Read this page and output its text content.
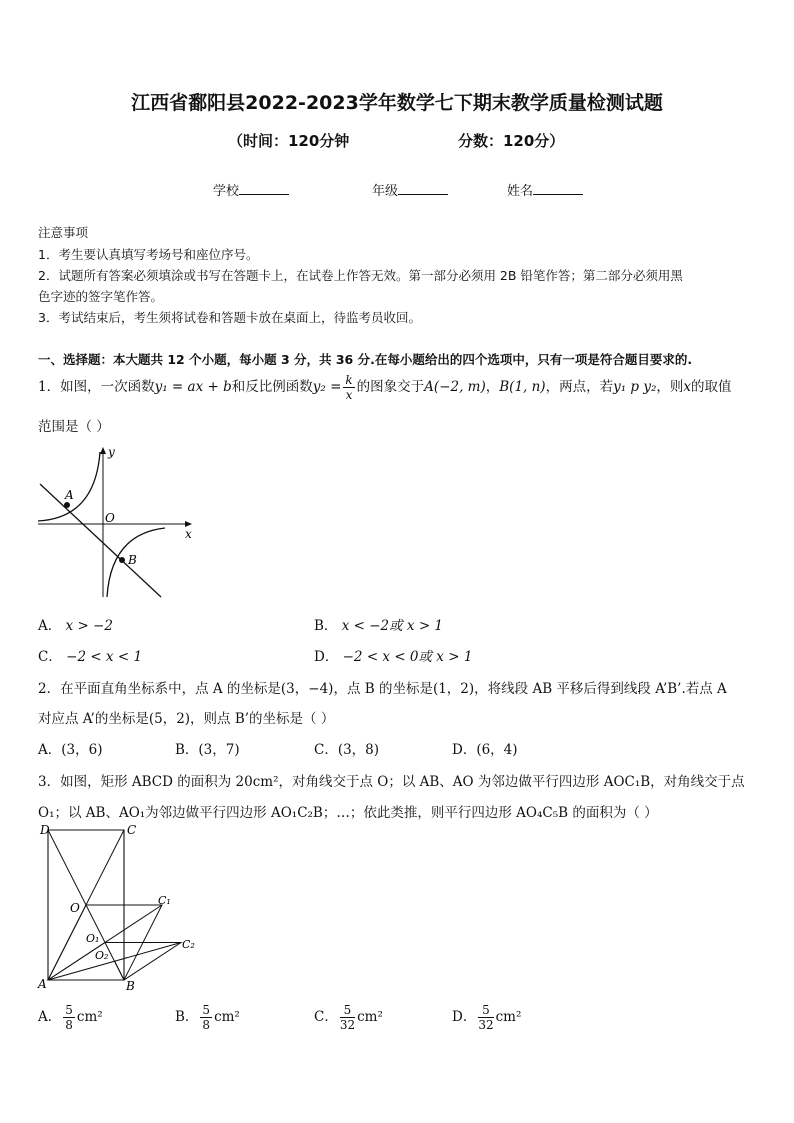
江西省鄱阳县2022-2023学年数学七下期末教学质量检测试题
（时间：120分钟	分数：120分）
学校	年级	姓名
注意事项
1．考生要认真填写考场号和座位序号。
2．试题所有答案必须填涂或书写在答题卡上，在试卷上作答无效。第一部分必须用 2B 铅笔作答；第二部分必须用黑
色字迹的签字笔作答。
3．考试结束后，考生须将试卷和答题卡放在桌面上，待监考员收回。
一、选择题：本大题共 12 个小题，每小题 3 分，共 36 分.在每小题给出的四个选项中，只有一项是符合题目要求的.
1．如图，一次函数y₁ = ax + b和反比例函数$y_2 = \frac{k}{x}$ 的图象交于A(−2, m)，B(1, n)，两点，若y₁ p y₂，则x的取值
范围是（ ）
y
x
O
A
B
A． x > −2	B． x < −2或 x > 1
C． −2 < x < 1	D． −2 < x < 0或 x > 1
2．在平面直角坐标系中，点 A 的坐标是(3，−4)，点 B 的坐标是(1，2)，将线段 AB 平移后得到线段 A’B’.若点 A
对应点 A’的坐标是(5，2)，则点 B’的坐标是（ ）
A．(3，6)	B．(3，7)	C．(3，8)	D．(6，4)
3．如图，矩形 ABCD 的面积为 20cm²，对角线交于点 O；以 AB、AO 为邻边做平行四边形 AOC₁B，对角线交于点
O₁；以 AB、AO₁为邻边做平行四边形 AO₁C₂B；…；依此类推，则平行四边形 AO₄C₅B 的面积为（ ）
D	C
O
C₁
O₁
O₂
C₂
A	B
A． $\frac{5}{8} cm^2$	B． $\frac{5}{8} cm^2$	C． $\frac{5}{32} cm^2$	D． $\frac{5}{32} cm^2$
